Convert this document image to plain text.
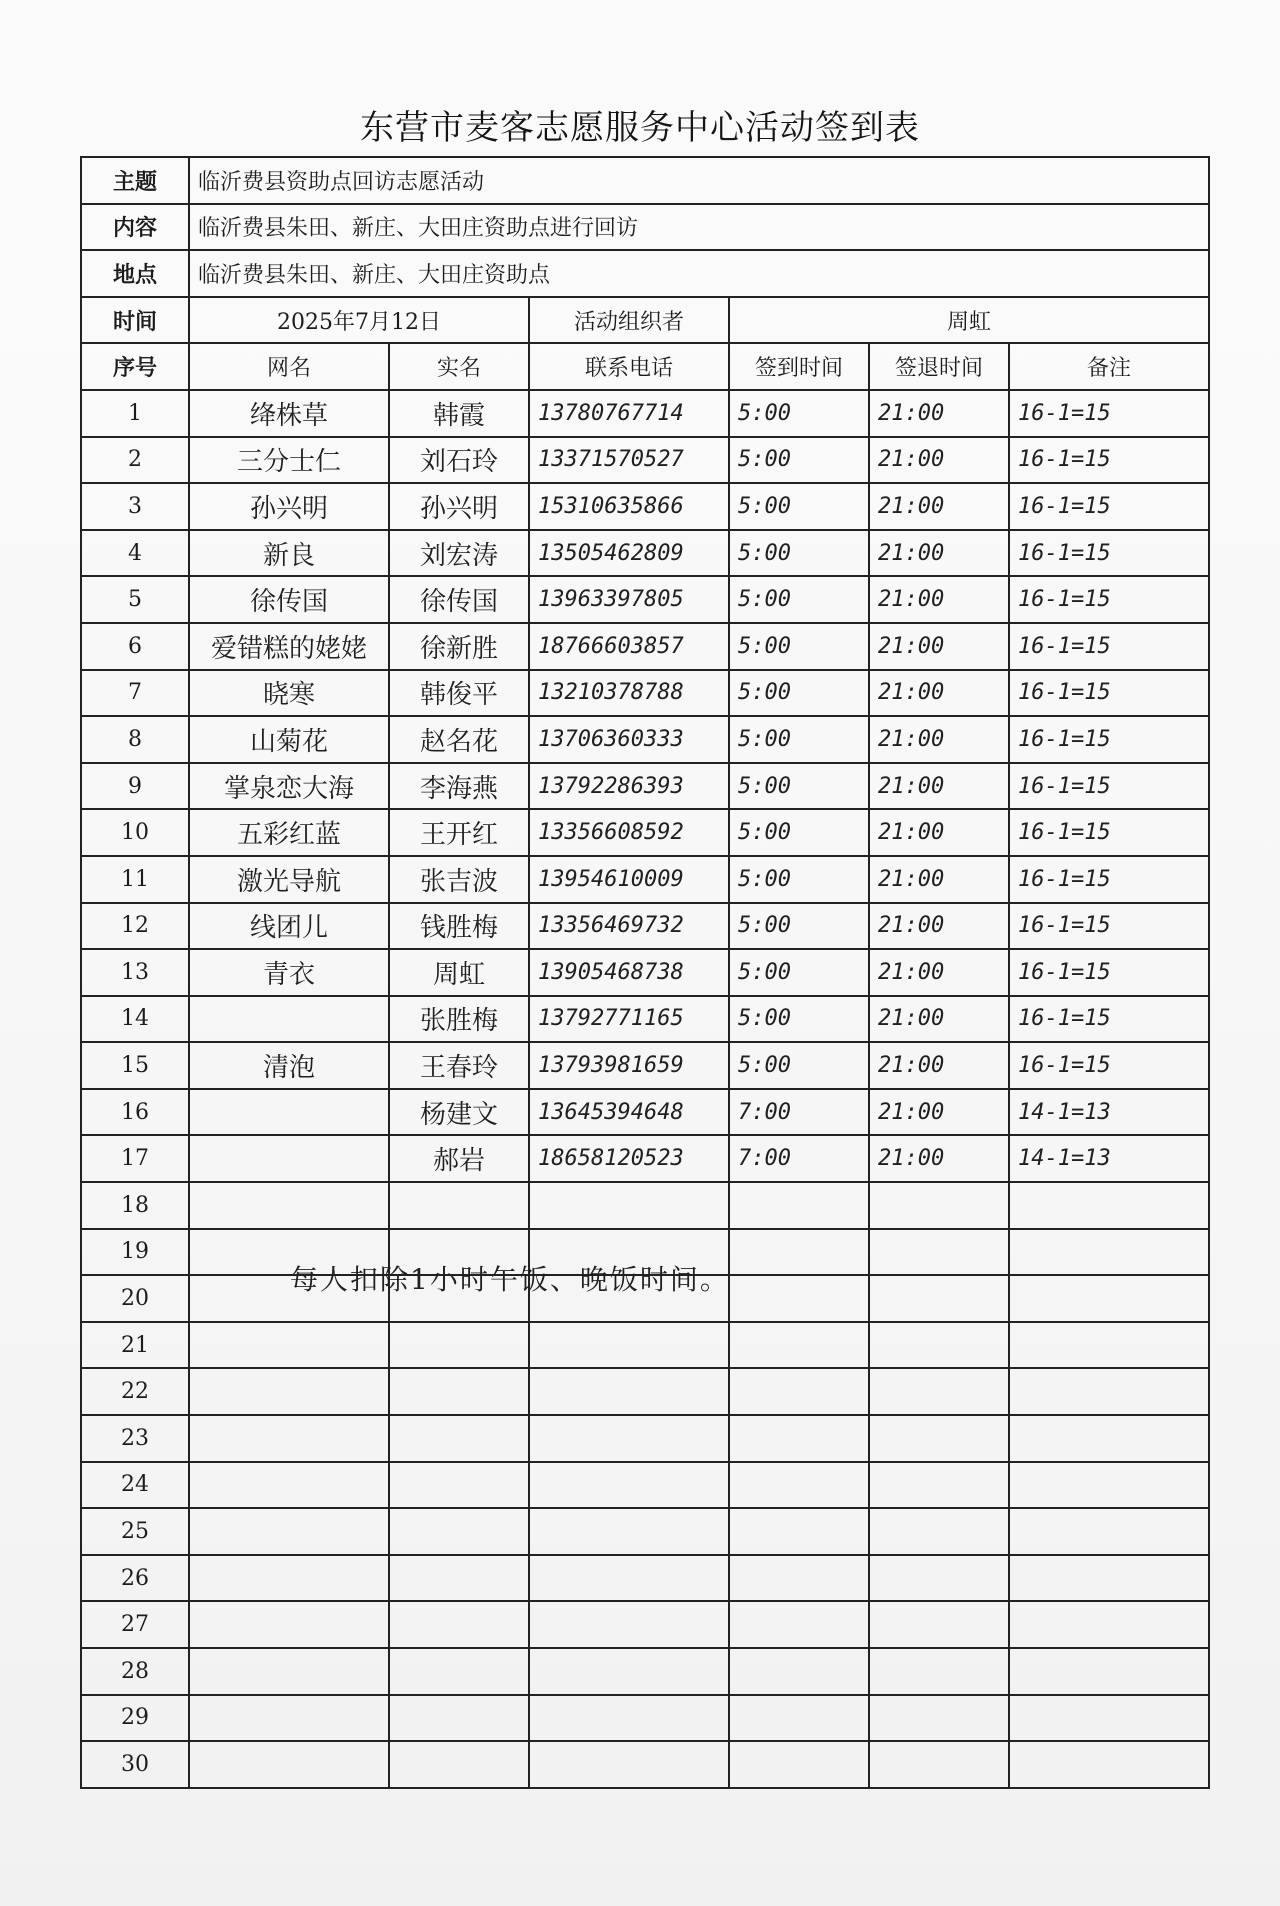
东营市麦客志愿服务中心活动签到表
主题	临沂费县资助点回访志愿活动					
内容	临沂费县朱田、新庄、大田庄资助点进行回访					
地点	临沂费县朱田、新庄、大田庄资助点					
时间	2025年7月12日		活动组织者	周虹		
序号	网名	实名	联系电话	签到时间	签退时间	备注
1	绛株草	韩霞	13780767714	5:00	21:00	16-1=15
2	三分士仁	刘石玲	13371570527	5:00	21:00	16-1=15
3	孙兴明	孙兴明	15310635866	5:00	21:00	16-1=15
4	新良	刘宏涛	13505462809	5:00	21:00	16-1=15
5	徐传国	徐传国	13963397805	5:00	21:00	16-1=15
6	爱错糕的姥姥	徐新胜	18766603857	5:00	21:00	16-1=15
7	晓寒	韩俊平	13210378788	5:00	21:00	16-1=15
8	山菊花	赵名花	13706360333	5:00	21:00	16-1=15
9	掌泉恋大海	李海燕	13792286393	5:00	21:00	16-1=15
10	五彩红蓝	王开红	13356608592	5:00	21:00	16-1=15
11	激光导航	张吉波	13954610009	5:00	21:00	16-1=15
12	线团儿	钱胜梅	13356469732	5:00	21:00	16-1=15
13	青衣	周虹	13905468738	5:00	21:00	16-1=15
14		张胜梅	13792771165	5:00	21:00	16-1=15
15	清泡	王春玲	13793981659	5:00	21:00	16-1=15
16		杨建文	13645394648	7:00	21:00	14-1=13
17		郝岩	18658120523	7:00	21:00	14-1=13
18						
19						
20						
21						
22						
23						
24						
25						
26						
27						
28						
29						
30						
每人扣除1小时午饭、晚饭时间。
